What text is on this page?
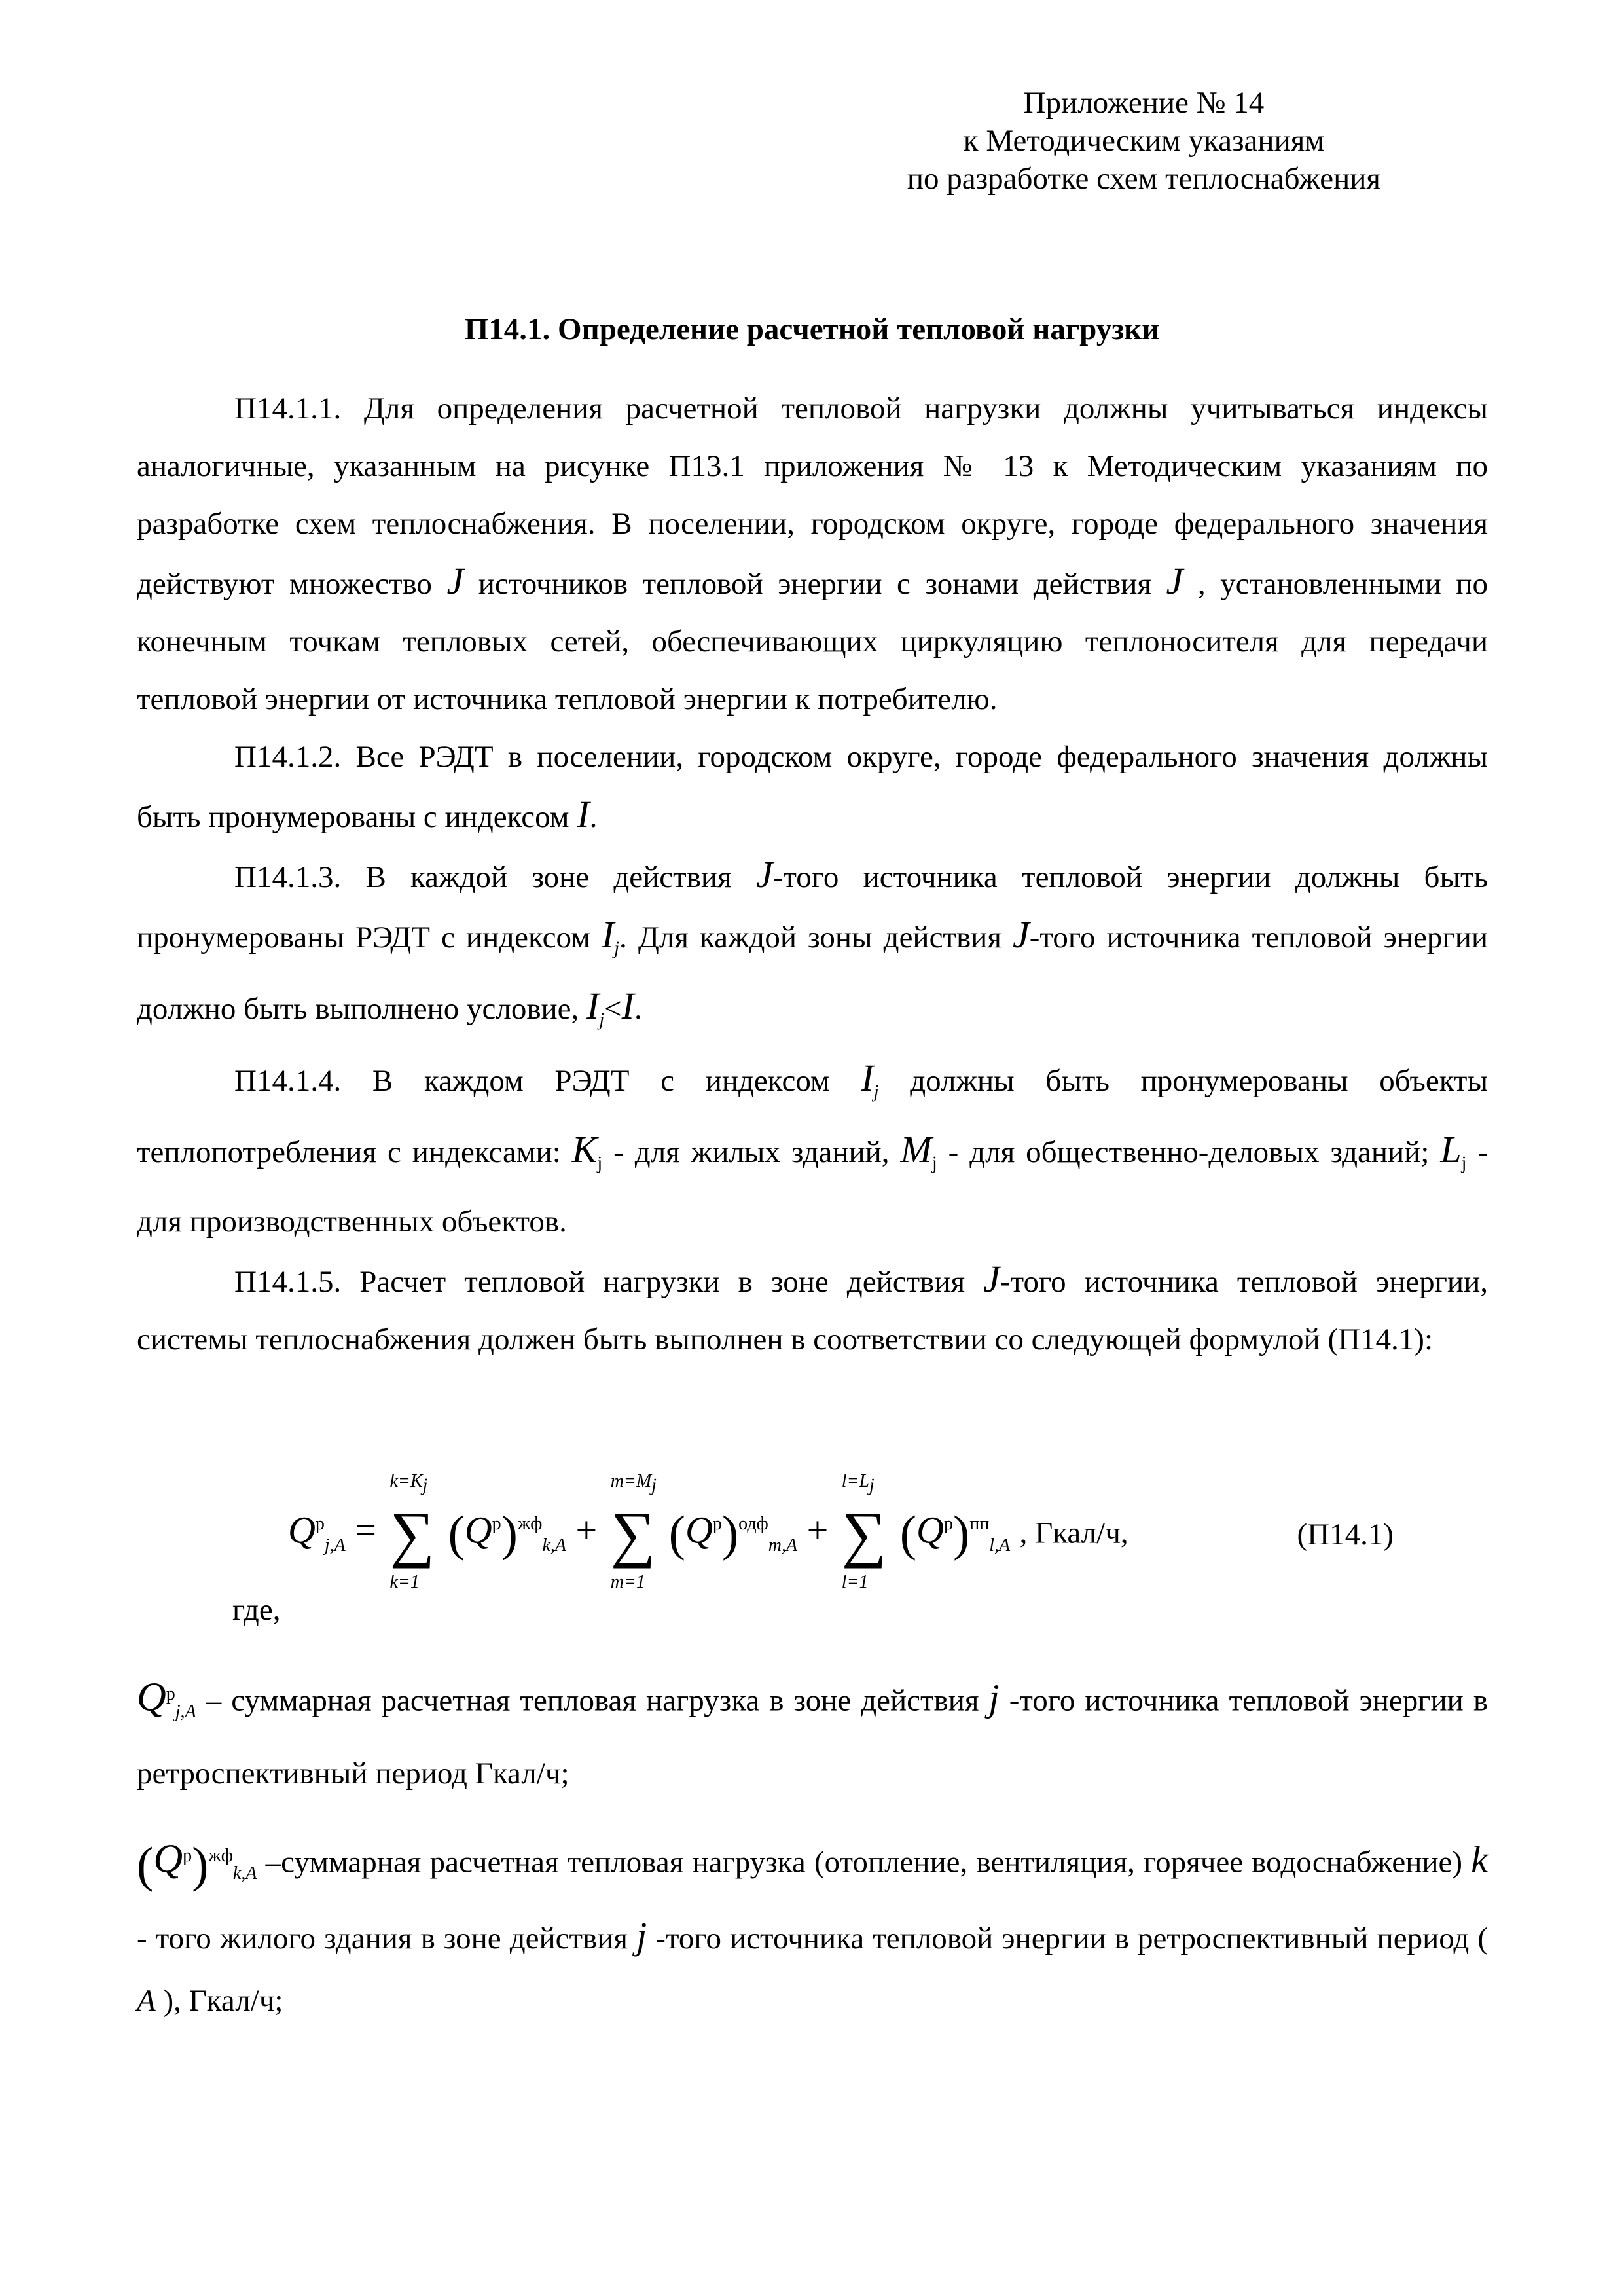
Приложение № 14
к Методическим указаниям
по разработке схем теплоснабжения
П14.1. Определение расчетной тепловой нагрузки

П14.1.1. Для определения расчетной тепловой нагрузки должны учитываться индексы аналогичные, указанным на рисунке П13.1 приложения № 13 к Методическим указаниям по разработке схем теплоснабжения. В поселении, городском округе, городе федерального значения действуют множество J источников тепловой энергии с зонами действия J , установленными по конечным точкам тепловых сетей, обеспечивающих циркуляцию теплоносителя для передачи тепловой энергии от источника тепловой энергии к потребителю.

П14.1.2. Все РЭДТ в поселении, городском округе, городе федерального значения должны быть пронумерованы с индексом I.

П14.1.3. В каждой зоне действия J-того источника тепловой энергии должны быть пронумерованы РЭДТ с индексом $I_j$. Для каждой зоны действия J-того источника тепловой энергии должно быть выполнено условие, $I_j<I$.

П14.1.4. В каждом РЭДТ с индексом $I_j$ должны быть пронумерованы объекты теплопотребления с индексами: $K_j$ - для жилых зданий, $M_j$ - для общественно-деловых зданий; $L_j$ - для производственных объектов.

П14.1.5. Расчет тепловой нагрузки в зоне действия J-того источника тепловой энергии, системы теплоснабжения должен быть выполнен в соответствии со следующей формулой (П14.1):

$Q^р_{j,A}$ = ∑
$k=K_j$
k=1
$(Q^р)^{жф}_{k,A}$ + ∑
$m=M_j$
m=1
$(Q^р)^{одф}_{m,A}$ + ∑
$l=L_j$
l=1
$(Q^р)^{пп}_{l,A}$ , Гкал/ч,	(П14.1)
где,

$Q^р_{j,A}$ – суммарная расчетная тепловая нагрузка в зоне действия j -того источника тепловой энергии в ретроспективный период Гкал/ч;

$(Q^р)^{жф}_{k,A}$ –суммарная расчетная тепловая нагрузка (отопление, вентиляция, горячее водоснабжение) k - того жилого здания в зоне действия j -того источника тепловой энергии в ретроспективный период ( A ), Гкал/ч;
